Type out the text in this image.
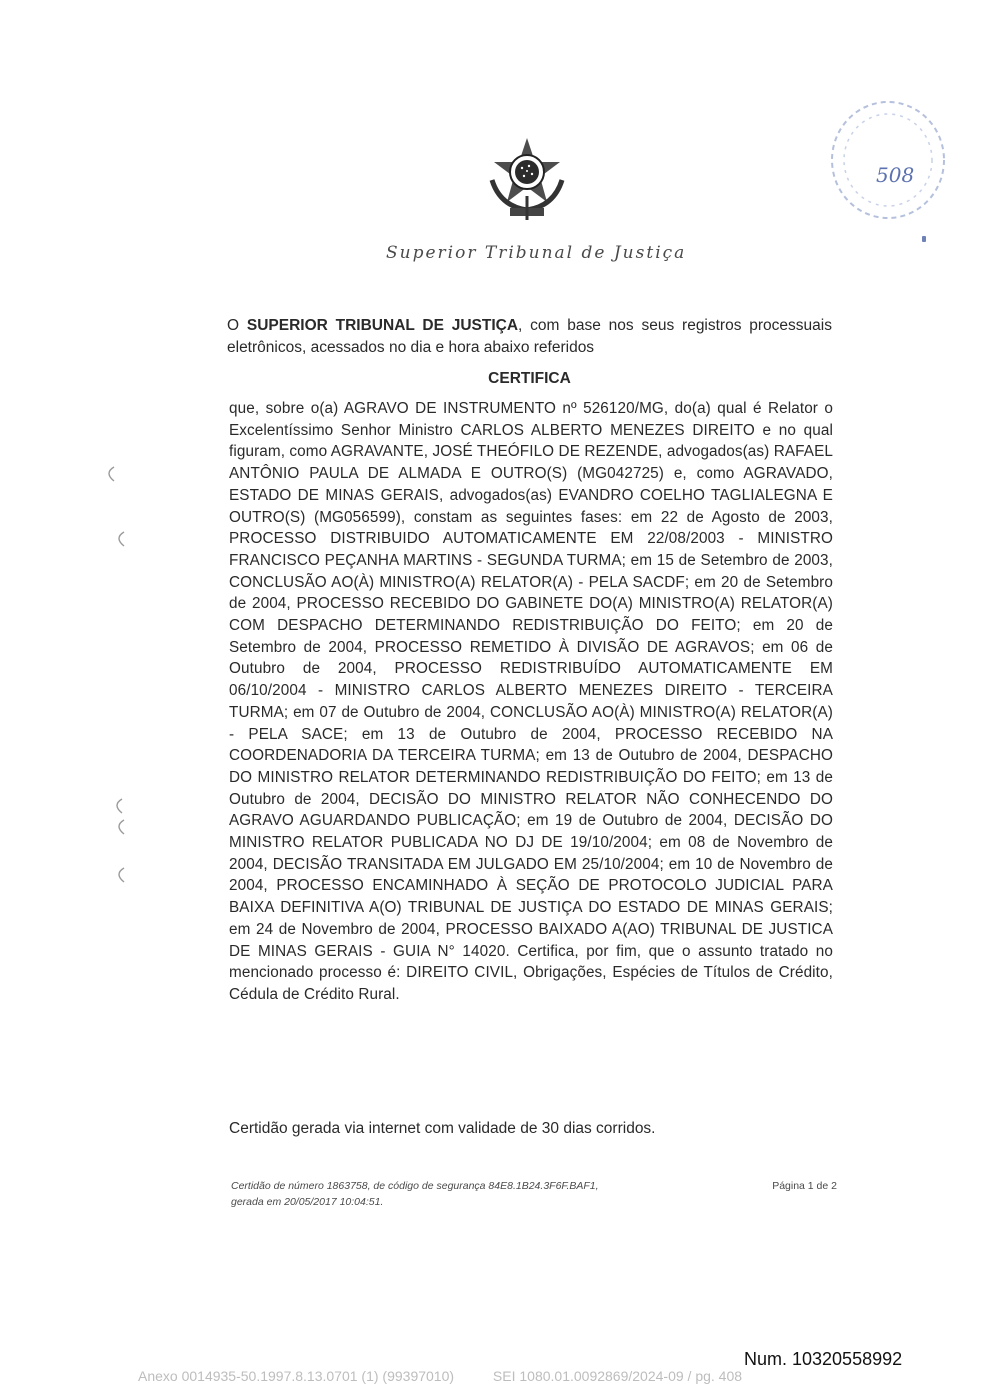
Superior Tribunal de Justiça
508
O SUPERIOR TRIBUNAL DE JUSTIÇA, com base nos seus registros processuais eletrônicos, acessados no dia e hora abaixo referidos
CERTIFICA
que, sobre o(a) AGRAVO DE INSTRUMENTO nº 526120/MG, do(a) qual é Relator o Excelentíssimo Senhor Ministro CARLOS ALBERTO MENEZES DIREITO e no qual figuram, como AGRAVANTE, JOSÉ THEÓFILO DE REZENDE, advogados(as) RAFAEL ANTÔNIO PAULA DE ALMADA E OUTRO(S) (MG042725) e, como AGRAVADO, ESTADO DE MINAS GERAIS, advogados(as) EVANDRO COELHO TAGLIALEGNA E OUTRO(S) (MG056599), constam as seguintes fases: em 22 de Agosto de 2003, PROCESSO DISTRIBUIDO AUTOMATICAMENTE EM 22/08/2003 - MINISTRO FRANCISCO PEÇANHA MARTINS - SEGUNDA TURMA; em 15 de Setembro de 2003, CONCLUSÃO AO(À) MINISTRO(A) RELATOR(A) - PELA SACDF; em 20 de Setembro de 2004, PROCESSO RECEBIDO DO GABINETE DO(A) MINISTRO(A) RELATOR(A) COM DESPACHO DETERMINANDO REDISTRIBUIÇÃO DO FEITO; em 20 de Setembro de 2004, PROCESSO REMETIDO À DIVISÃO DE AGRAVOS; em 06 de Outubro de 2004, PROCESSO REDISTRIBUÍDO AUTOMATICAMENTE EM 06/10/2004 - MINISTRO CARLOS ALBERTO MENEZES DIREITO - TERCEIRA TURMA; em 07 de Outubro de 2004, CONCLUSÃO AO(À) MINISTRO(A) RELATOR(A) - PELA SACE; em 13 de Outubro de 2004, PROCESSO RECEBIDO NA COORDENADORIA DA TERCEIRA TURMA; em 13 de Outubro de 2004, DESPACHO DO MINISTRO RELATOR DETERMINANDO REDISTRIBUIÇÃO DO FEITO; em 13 de Outubro de 2004, DECISÃO DO MINISTRO RELATOR NÃO CONHECENDO DO AGRAVO AGUARDANDO PUBLICAÇÃO; em 19 de Outubro de 2004, DECISÃO DO MINISTRO RELATOR PUBLICADA NO DJ DE 19/10/2004; em 08 de Novembro de 2004, DECISÃO TRANSITADA EM JULGADO EM 25/10/2004; em 10 de Novembro de 2004, PROCESSO ENCAMINHADO À SEÇÃO DE PROTOCOLO JUDICIAL PARA BAIXA DEFINITIVA A(O) TRIBUNAL DE JUSTIÇA DO ESTADO DE MINAS GERAIS; em 24 de Novembro de 2004, PROCESSO BAIXADO A(AO) TRIBUNAL DE JUSTICA DE MINAS GERAIS - GUIA N° 14020. Certifica, por fim, que o assunto tratado no mencionado processo é: DIREITO CIVIL, Obrigações, Espécies de Títulos de Crédito, Cédula de Crédito Rural.
Certidão gerada via internet com validade de 30 dias corridos.
Certidão de número 1863758, de código de segurança 84E8.1B24.3F6F.BAF1,
gerada em 20/05/2017 10:04:51.
Página 1 de 2
Num. 10320558992
Anexo 0014935-50.1997.8.13.0701 (1) (99397010)          SEI 1080.01.0092869/2024-09 / pg. 408
